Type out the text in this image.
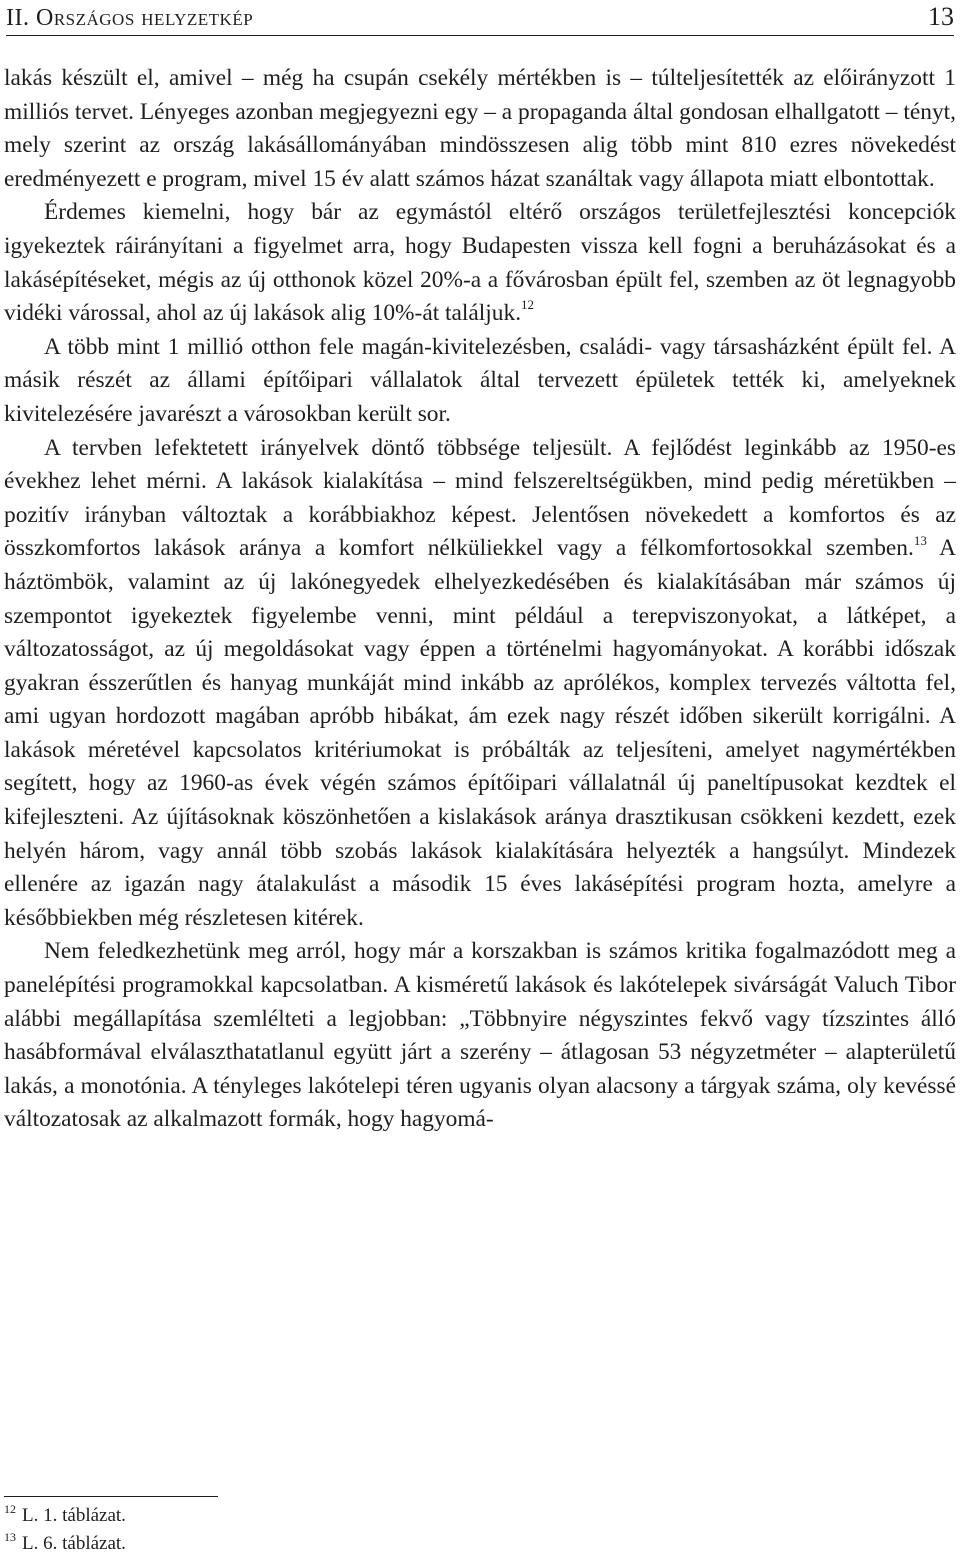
II. Országos helyzetkép	13

lakás készült el, amivel – még ha csupán csekély mértékben is – túlteljesítették az előirányzott 1 milliós tervet. Lényeges azonban megjegyezni egy – a propaganda által gondosan elhallgatott – tényt, mely szerint az ország lakásállományában mindösszesen alig több mint 810 ezres növekedést eredményezett e program, mivel 15 év alatt számos házat szanáltak vagy állapota miatt elbontottak.

Érdemes kiemelni, hogy bár az egymástól eltérő országos területfejlesztési koncepciók igyekeztek ráirányítani a figyelmet arra, hogy Budapesten vissza kell fogni a beruházásokat és a lakásépítéseket, mégis az új otthonok közel 20%-a a fővárosban épült fel, szemben az öt legnagyobb vidéki várossal, ahol az új lakások alig 10%-át találjuk.$^{12}$

A több mint 1 millió otthon fele magán-kivitelezésben, családi- vagy társasházként épült fel. A másik részét az állami építőipari vállalatok által tervezett épületek tették ki, amelyeknek kivitelezésére javarészt a városokban került sor.

A tervben lefektetett irányelvek döntő többsége teljesült. A fejlődést leginkább az 1950-es évekhez lehet mérni. A lakások kialakítása – mind felszereltségükben, mind pedig méretükben – pozitív irányban változtak a korábbiakhoz képest. Jelentősen növekedett a komfortos és az összkomfortos lakások aránya a komfort nélküliekkel vagy a félkomfortosokkal szemben.$^{13}$ A háztömbök, valamint az új lakónegyedek elhelyezkedésében és kialakításában már számos új szempontot igyekeztek figyelembe venni, mint például a terepviszonyokat, a látképet, a változatosságot, az új megoldásokat vagy éppen a történelmi hagyományokat. A korábbi időszak gyakran ésszerűtlen és hanyag munkáját mind inkább az aprólékos, komplex tervezés váltotta fel, ami ugyan hordozott magában apróbb hibákat, ám ezek nagy részét időben sikerült korrigálni. A lakások méretével kapcsolatos kritériumokat is próbálták az teljesíteni, amelyet nagymértékben segített, hogy az 1960-as évek végén számos építőipari vállalatnál új paneltípusokat kezdtek el kifejleszteni. Az újításoknak köszönhetően a kislakások aránya drasztikusan csökkeni kezdett, ezek helyén három, vagy annál több szobás lakások kialakítására helyezték a hangsúlyt. Mindezek ellenére az igazán nagy átalakulást a második 15 éves lakásépítési program hozta, amelyre a későbbiekben még részletesen kitérek.

Nem feledkezhetünk meg arról, hogy már a korszakban is számos kritika fogalmazódott meg a panelépítési programokkal kapcsolatban. A kisméretű lakások és lakótelepek sivárságát Valuch Tibor alábbi megállapítása szemlélteti a legjobban: „Többnyire négyszintes fekvő vagy tízszintes álló hasábformával elválaszthatatlanul együtt járt a szerény – átlagosan 53 négyzetméter – alapterületű lakás, a monotónia. A tényleges lakótelepi téren ugyanis olyan alacsony a tárgyak száma, oly kevéssé változatosak az alkalmazott formák, hogy hagyomá-

$^{12}$ L. 1. táblázat.
$^{13}$ L. 6. táblázat.
